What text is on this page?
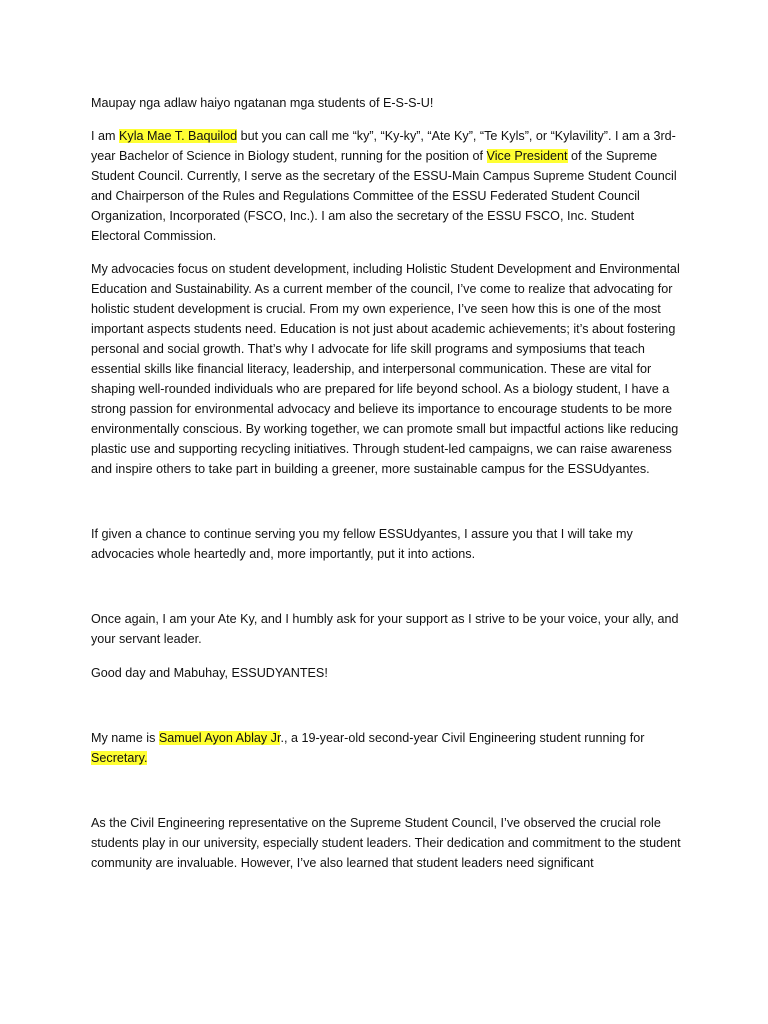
Maupay nga adlaw haiyo ngatanan mga students of E-S-S-U!

I am Kyla Mae T. Baquilod but you can call me “ky”, “Ky-ky”, “Ate Ky”, “Te Kyls”, or “Kylavility”. I am a 3rd-year Bachelor of Science in Biology student, running for the position of Vice President of the Supreme Student Council. Currently, I serve as the secretary of the ESSU-Main Campus Supreme Student Council and Chairperson of the Rules and Regulations Committee of the ESSU Federated Student Council Organization, Incorporated (FSCO, Inc.). I am also the secretary of the ESSU FSCO, Inc. Student Electoral Commission.

My advocacies focus on student development, including Holistic Student Development and Environmental Education and Sustainability. As a current member of the council, I’ve come to realize that advocating for holistic student development is crucial. From my own experience, I’ve seen how this is one of the most important aspects students need. Education is not just about academic achievements; it’s about fostering personal and social growth. That’s why I advocate for life skill programs and symposiums that teach essential skills like financial literacy, leadership, and interpersonal communication. These are vital for shaping well-rounded individuals who are prepared for life beyond school. As a biology student, I have a strong passion for environmental advocacy and believe its importance to encourage students to be more environmentally conscious. By working together, we can promote small but impactful actions like reducing plastic use and supporting recycling initiatives. Through student-led campaigns, we can raise awareness and inspire others to take part in building a greener, more sustainable campus for the ESSUdyantes.

If given a chance to continue serving you my fellow ESSUdyantes, I assure you that I will take my advocacies whole heartedly and, more importantly, put it into actions.

Once again, I am your Ate Ky, and I humbly ask for your support as I strive to be your voice, your ally, and your servant leader.

Good day and Mabuhay, ESSUDYANTES!

My name is Samuel Ayon Ablay Jr., a 19-year-old second-year Civil Engineering student running for Secretary.

As the Civil Engineering representative on the Supreme Student Council, I’ve observed the crucial role students play in our university, especially student leaders. Their dedication and commitment to the student community are invaluable. However, I’ve also learned that student leaders need significant
